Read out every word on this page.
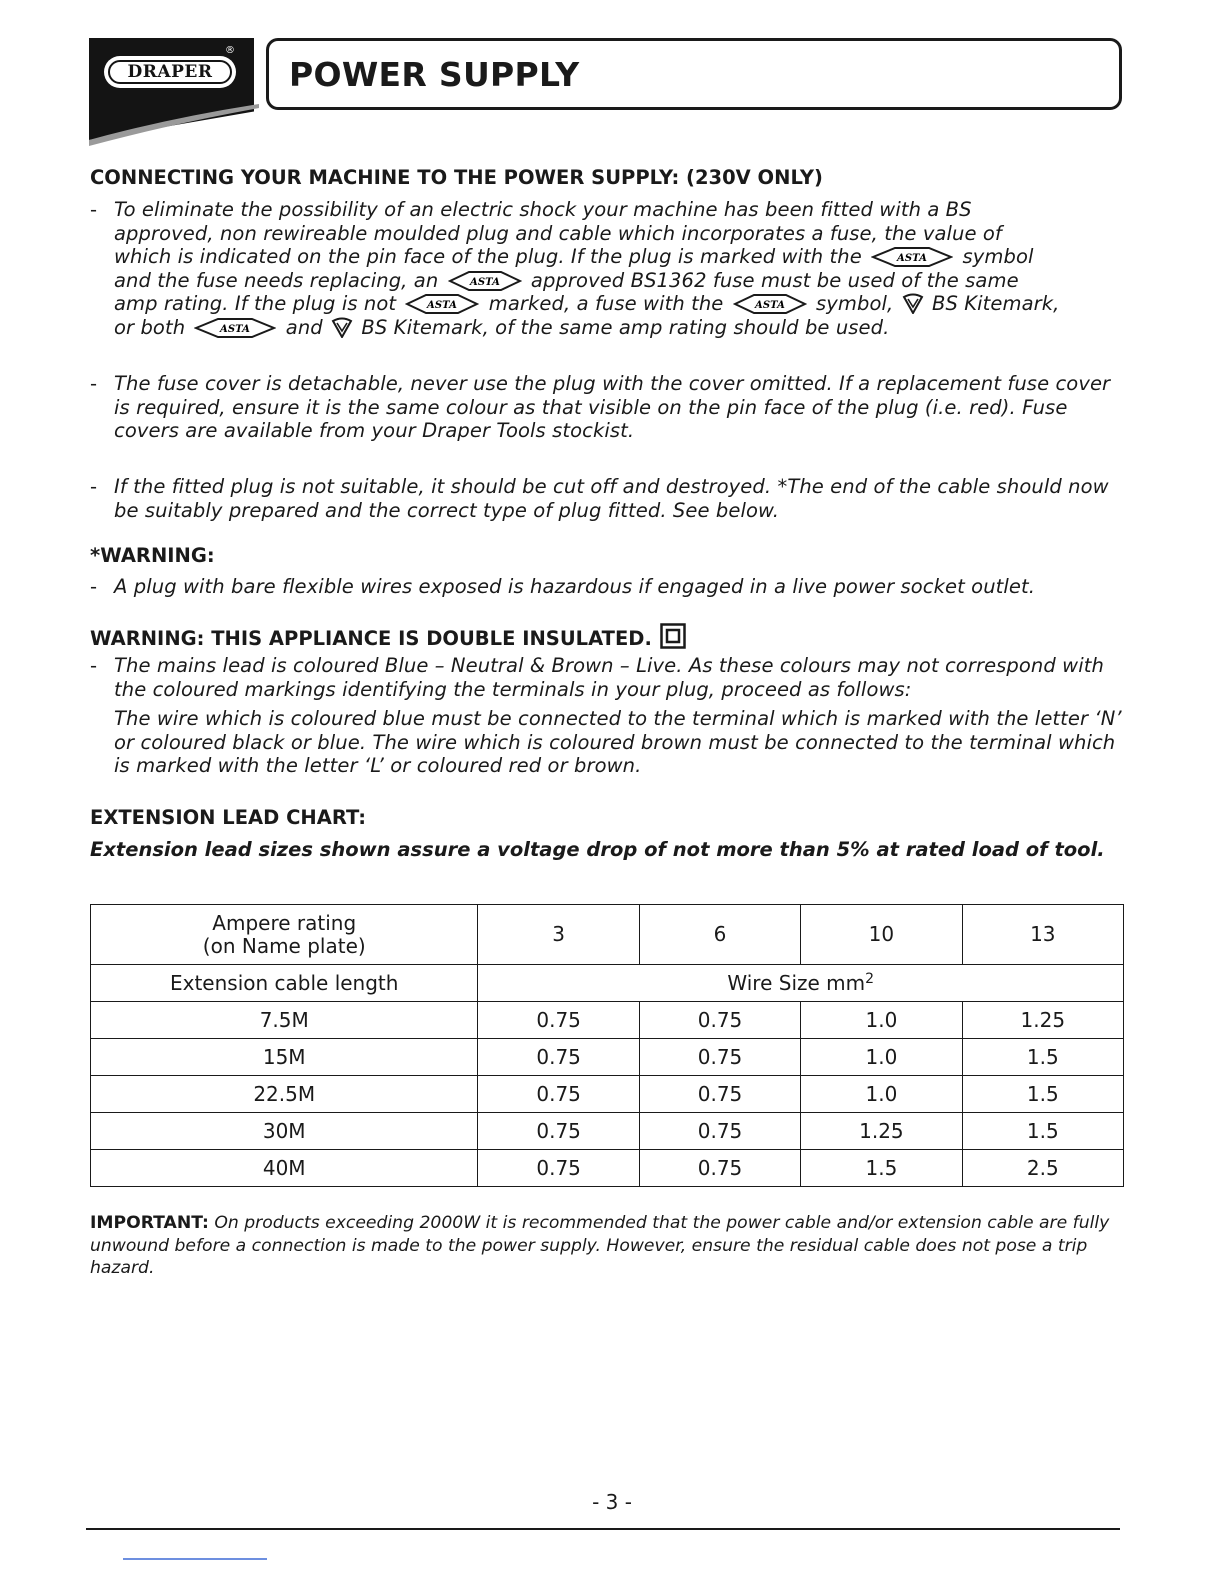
DRAPER
®
POWER SUPPLY
CONNECTING YOUR MACHINE TO THE POWER SUPPLY: (230V ONLY)
- To eliminate the possibility of an electric shock your machine has been fitted with a BS
approved, non rewireable moulded plug and cable which incorporates a fuse, the value of
which is indicated on the pin face of the plug. If the plug is marked with the	ASTA symbol
and the fuse needs replacing, an	ASTA approved BS1362 fuse must be used of the same
amp rating. If the plug is not	ASTA marked, a fuse with the	ASTA symbol, BS Kitemark,
or both	ASTA and BS Kitemark, of the same amp rating should be used.
- The fuse cover is detachable, never use the plug with the cover omitted. If a replacement fuse cover is required, ensure it is the same colour as that visible on the pin face of the plug (i.e. red). Fuse covers are available from your Draper Tools stockist.
- If the fitted plug is not suitable, it should be cut off and destroyed. *The end of the cable should now be suitably prepared and the correct type of plug fitted. See below.
*WARNING:
- A plug with bare flexible wires exposed is hazardous if engaged in a live power socket outlet.
WARNING: THIS APPLIANCE IS DOUBLE INSULATED.
- The mains lead is coloured Blue – Neutral & Brown – Live. As these colours may not correspond with the coloured markings identifying the terminals in your plug, proceed as follows:
The wire which is coloured blue must be connected to the terminal which is marked with the letter ‘N’ or coloured black or blue. The wire which is coloured brown must be connected to the terminal which is marked with the letter ‘L’ or coloured red or brown.
EXTENSION LEAD CHART:
Extension lead sizes shown assure a voltage drop of not more than 5% at rated load of tool.
Ampere rating
(on Name plate)	3	6	10	13
Extension cable length	Wire Size $mm^2$
7.5M	0.75	0.75	1.0	1.25
15M	0.75	0.75	1.0	1.5
22.5M	0.75	0.75	1.0	1.5
30M	0.75	0.75	1.25	1.5
40M	0.75	0.75	1.5	2.5
IMPORTANT: On products exceeding 2000W it is recommended that the power cable and/or extension cable are fully unwound before a connection is made to the power supply. However, ensure the residual cable does not pose a trip hazard.
- 3 -
